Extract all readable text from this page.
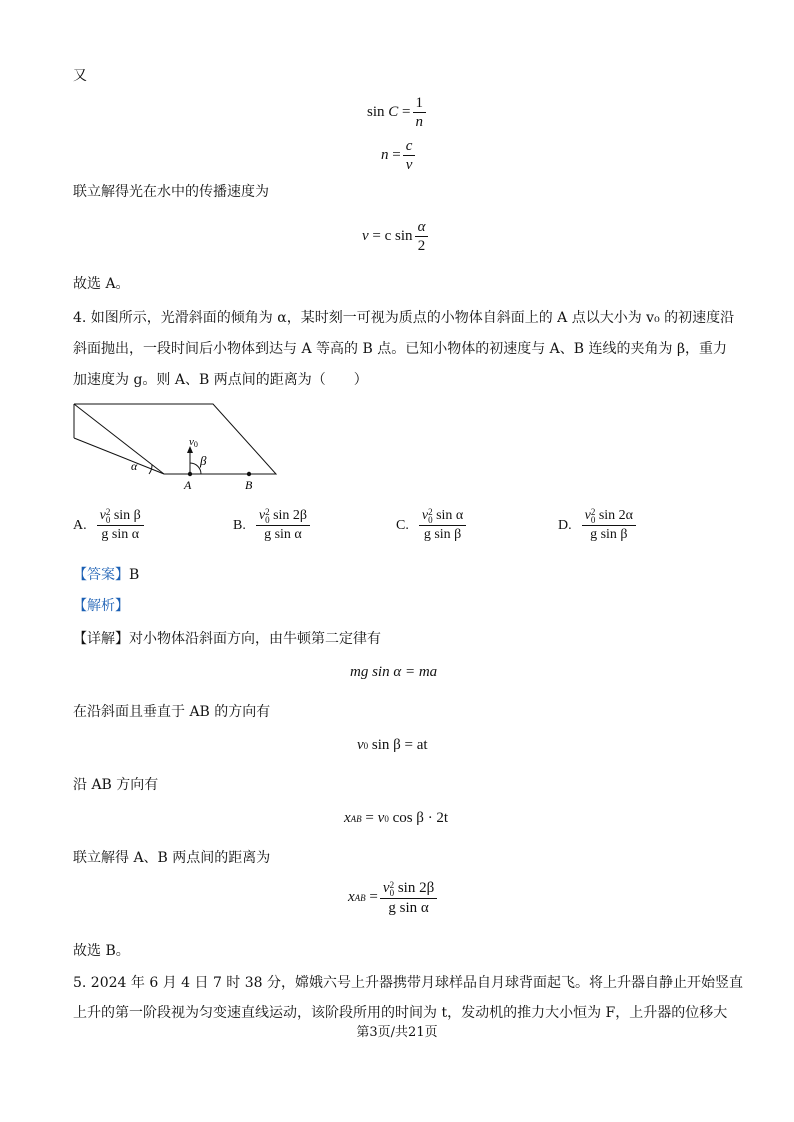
又
sin
C
= $\frac{1}{n}$
n
= $\frac{c}{v}$
联立解得光在水中的传播速度为
v
=
c $\sin \frac{\alpha}{2}$
故选 A。
4. 如图所示，光滑斜面的倾角为 α，某时刻一可视为质点的小物体自斜面上的 A 点以大小为 v₀ 的初速度沿
斜面抛出，一段时间后小物体到达与 A 等高的 B 点。已知小物体的初速度与 A、B 连线的夹角为 β，重力
加速度为 g。则 A、B 两点间的距离为（　　）
v0
β
α
A	B
A. v 2
0 sin β
g sin α	B. v 2
0 sin 2β
g sin α	C. v 2
0 sin α
g sin β	D. v 2
0 sin 2α
g sin β
【答案】B
【解析】
【详解】对小物体沿斜面方向，由牛顿第二定律有
mg sin α = ma
在沿斜面且垂直于 AB 的方向有
v 0
sin β = at
沿 AB 方向有
x AB
=
v 0
cos β · 2t
联立解得 A、B 两点间的距离为
x AB
= v 2
0 sin 2β
g sin α
故选 B。
5. 2024 年 6 月 4 日 7 时 38 分，嫦娥六号上升器携带月球样品自月球背面起飞。将上升器自静止开始竖直
上升的第一阶段视为匀变速直线运动，该阶段所用的时间为 t，发动机的推力大小恒为 F，上升器的位移大
第3页/共21页
